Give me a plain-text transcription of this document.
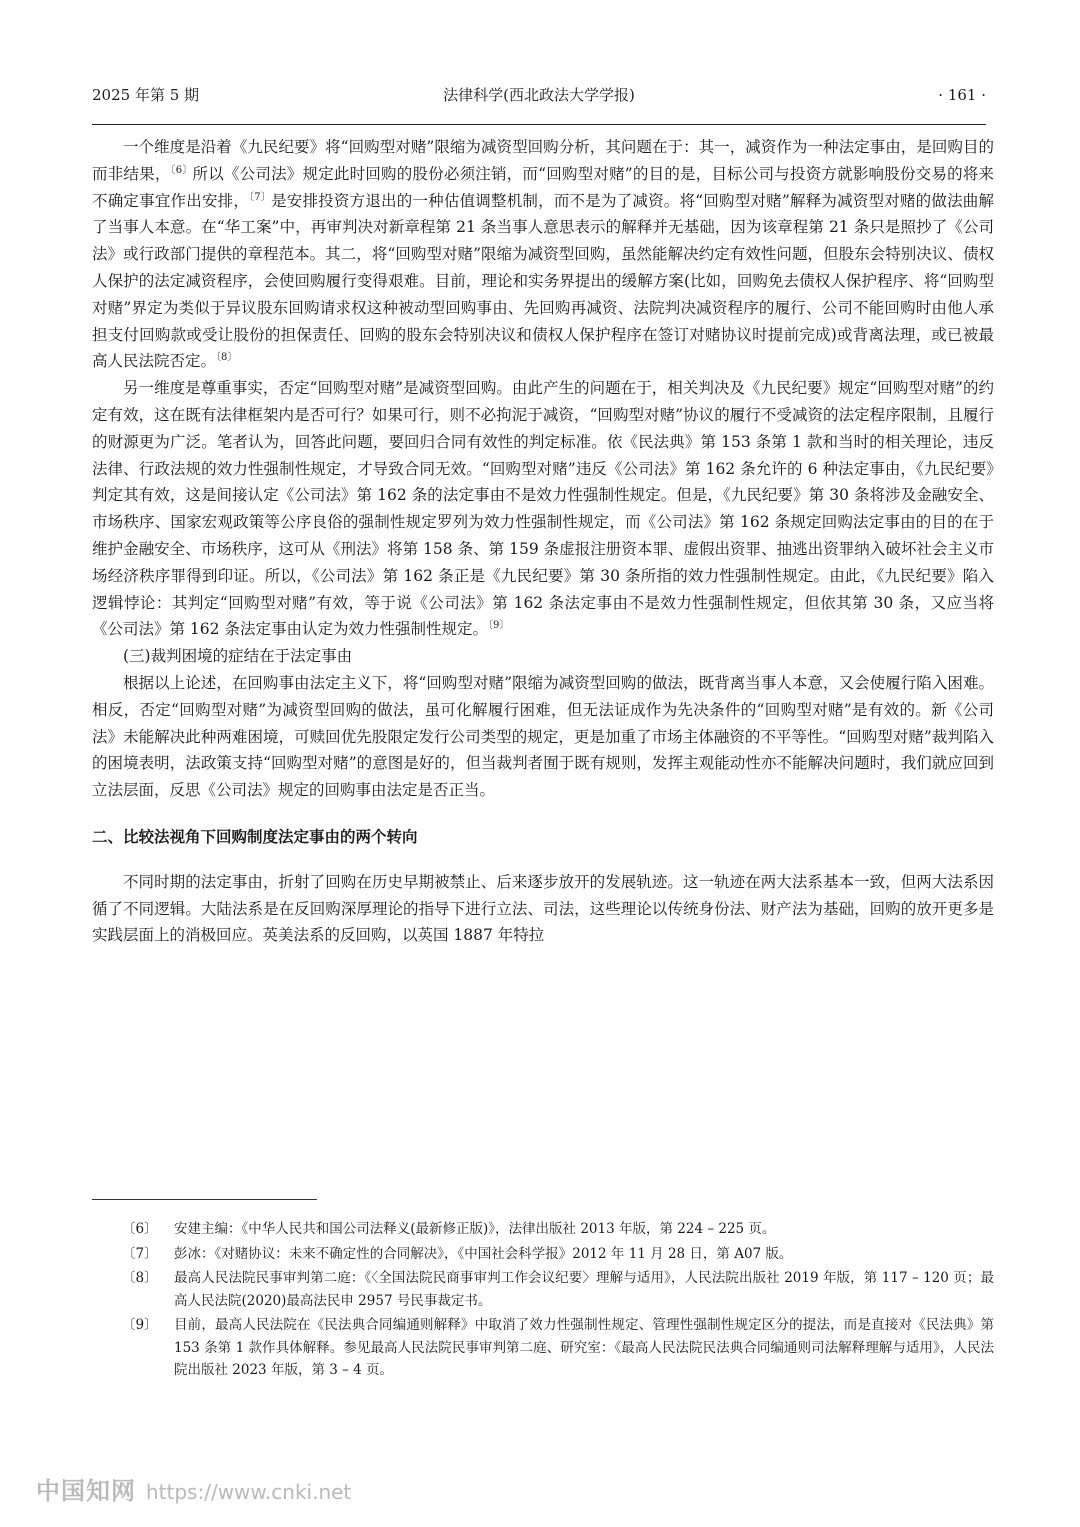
2025 年第 5 期	法律科学(西北政法大学学报)	· 161 ·

一个维度是沿着《九民纪要》将“回购型对赌”限缩为减资型回购分析，其问题在于：其一，减资作为一种法定事由，是回购目的而非结果，$^{〔6〕}$所以《公司法》规定此时回购的股份必须注销，而“回购型对赌”的目的是，目标公司与投资方就影响股份交易的将来不确定事宜作出安排，$^{〔7〕}$是安排投资方退出的一种估值调整机制，而不是为了减资。将“回购型对赌”解释为减资型对赌的做法曲解了当事人本意。在“华工案”中，再审判决对新章程第 21 条当事人意思表示的解释并无基础，因为该章程第 21 条只是照抄了《公司法》或行政部门提供的章程范本。其二，将“回购型对赌”限缩为减资型回购，虽然能解决约定有效性问题，但股东会特别决议、债权人保护的法定减资程序，会使回购履行变得艰难。目前，理论和实务界提出的缓解方案(比如，回购免去债权人保护程序、将“回购型对赌”界定为类似于异议股东回购请求权这种被动型回购事由、先回购再减资、法院判决减资程序的履行、公司不能回购时由他人承担支付回购款或受让股份的担保责任、回购的股东会特别决议和债权人保护程序在签订对赌协议时提前完成)或背离法理，或已被最高人民法院否定。$^{〔8〕}$

另一维度是尊重事实，否定“回购型对赌”是减资型回购。由此产生的问题在于，相关判决及《九民纪要》规定“回购型对赌”的约定有效，这在既有法律框架内是否可行？如果可行，则不必拘泥于减资，“回购型对赌”协议的履行不受减资的法定程序限制，且履行的财源更为广泛。笔者认为，回答此问题，要回归合同有效性的判定标准。依《民法典》第 153 条第 1 款和当时的相关理论，违反法律、行政法规的效力性强制性规定，才导致合同无效。“回购型对赌”违反《公司法》第 162 条允许的 6 种法定事由，《九民纪要》判定其有效，这是间接认定《公司法》第 162 条的法定事由不是效力性强制性规定。但是，《九民纪要》第 30 条将涉及金融安全、市场秩序、国家宏观政策等公序良俗的强制性规定罗列为效力性强制性规定，而《公司法》第 162 条规定回购法定事由的目的在于维护金融安全、市场秩序，这可从《刑法》将第 158 条、第 159 条虚报注册资本罪、虚假出资罪、抽逃出资罪纳入破坏社会主义市场经济秩序罪得到印证。所以，《公司法》第 162 条正是《九民纪要》第 30 条所指的效力性强制性规定。由此，《九民纪要》陷入逻辑悖论：其判定“回购型对赌”有效，等于说《公司法》第 162 条法定事由不是效力性强制性规定，但依其第 30 条，又应当将《公司法》第 162 条法定事由认定为效力性强制性规定。$^{〔9〕}$

(三)裁判困境的症结在于法定事由

根据以上论述，在回购事由法定主义下，将“回购型对赌”限缩为减资型回购的做法，既背离当事人本意，又会使履行陷入困难。相反，否定“回购型对赌”为减资型回购的做法，虽可化解履行困难，但无法证成作为先决条件的“回购型对赌”是有效的。新《公司法》未能解决此种两难困境，可赎回优先股限定发行公司类型的规定，更是加重了市场主体融资的不平等性。“回购型对赌”裁判陷入的困境表明，法政策支持“回购型对赌”的意图是好的，但当裁判者囿于既有规则，发挥主观能动性亦不能解决问题时，我们就应回到立法层面，反思《公司法》规定的回购事由法定是否正当。

二、比较法视角下回购制度法定事由的两个转向

不同时期的法定事由，折射了回购在历史早期被禁止、后来逐步放开的发展轨迹。这一轨迹在两大法系基本一致，但两大法系因循了不同逻辑。大陆法系是在反回购深厚理论的指导下进行立法、司法，这些理论以传统身份法、财产法为基础，回购的放开更多是实践层面上的消极回应。英美法系的反回购，以英国 1887 年特拉

〔6〕	安建主编：《中华人民共和国公司法释义(最新修正版)》，法律出版社 2013 年版，第 224 – 225 页。
〔7〕	彭冰：《对赌协议：未来不确定性的合同解决》，《中国社会科学报》2012 年 11 月 28 日，第 A07 版。
〔8〕	最高人民法院民事审判第二庭：《〈全国法院民商事审判工作会议纪要〉理解与适用》，人民法院出版社 2019 年版，第 117 – 120 页；最高人民法院(2020)最高法民申 2957 号民事裁定书。
〔9〕	目前，最高人民法院在《民法典合同编通则解释》中取消了效力性强制性规定、管理性强制性规定区分的提法，而是直接对《民法典》第 153 条第 1 款作具体解释。参见最高人民法院民事审判第二庭、研究室：《最高人民法院民法典合同编通则司法解释理解与适用》，人民法院出版社 2023 年版，第 3 – 4 页。
中国知网 https://www.cnki.net
